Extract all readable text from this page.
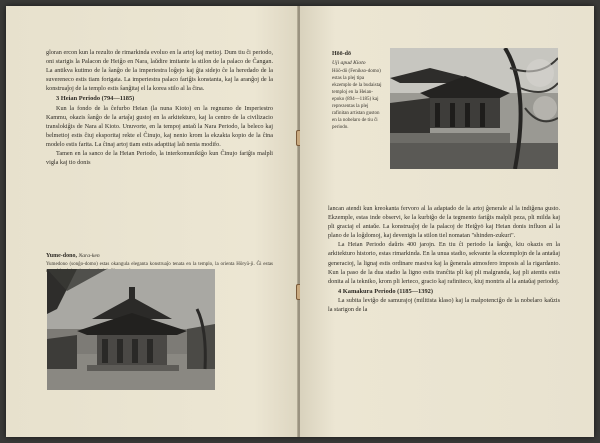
gloran ercon kun la rezulto de rimarkinda evoluo en la artoj kaj metioj. Dum tiu ĉi periodo, oni starigis la Palacon de Heiĝo en Nara, laŭdire imitante la stilon de la palaco de Ĉangan. La antikva kutimo de la ŝanĝo de la imperiestra loĝejo kaj ĝia sidejo ĉe la heredado de la suvereneco estis tiam forigata. La imperiestra palaco fariĝis konstanta, kaj la aranĝoj de la konstruaĵoj de la templo estis ŝanĝitaj el la korea stilo al la ĉina.

3 Heian Periodo (794—1185)

Kun la fondo de la ĉefurbo Heian (la nuna Kioto) en la regnumo de Imperiestro Kammu, okazis ŝanĝo de la artaĵaj gustoj en la arkitekturo, kaj la centro de la civilizacio translokiĝis de Nara al Kioto. Unuvorte, en la tempoj antaŭ la Nara Periodo, la beleco kaj belmetioj estis ĉiuj eksporitaj rekte el Ĉinujo, kaj nenio krom la ekzakta kopio de la ĉina modelo estis farita. La ĉinaj artoj tiam estis adaptitaj laŭ nenia modifo.

Tamen en la sanco de la Heian Periodo, la interkomunikiĝo kun Ĉinujo fariĝis malpli vigla kaj tio donis

Yume-dono, Nara-ken
Yumedono (sonĝo-domo) estas okangula eleganta konstruaĵo tenata en la templo, la orienta Hōryū-ji. Ĝi estas
Hōō-dō
Uji apud Kioto
Hōō-dō (Fenikso-domo) estas la plej tipa ekzemplo de la budaistaj temploj en la Heian-epoko (894—1185) kaj reprezentas la plej rafinitan artistan guston en la nobelaro de tiu ĉi periodo.

lancan atendi kun kreokanta fervoro al la adaptado de la artoj ĝenerale al la indiĝena gusto. Ekzemple, estas inde observi, ke la kurbiĝo de la tegmento fariĝis malpli peza, pli milda kaj pli graciaj el antaŭe. La konstruaĵoj de la palacoj de Heiĝyō kaj Heian donis influon al la plano de la loĝdomoj, kaj devenigis la stilon tiel nomatan "shinden-zukuri".

La Heian Periodo daŭris 400 jarojn. En tiu ĉi periodo la ŝanĝo, kiu okazis en la arkitekturo historio, estas rimarkinda. En la unua stadio, sekvante la ekzemplojn de la antaŭaj generacioj, la lignaj estis ordinare masiva kaj la ĝenerala atmosfero imposis al la rigardanto. Kun la paso de la dua stadio la ligno estis tranĉita pli kaj pli malgranda, kaj pli atentis estis donita al la tekniko, krom pli lerteco, gracio kaj rafiniteco, kiuj montris al la antaŭaj periodoj.

4 Kamakura Periodo (1185—1392)

La subita leviĝo de samurajoj (militista klaso) kaj la malpotenciĝo de la nobelaro kaŭzis la starigon de la
